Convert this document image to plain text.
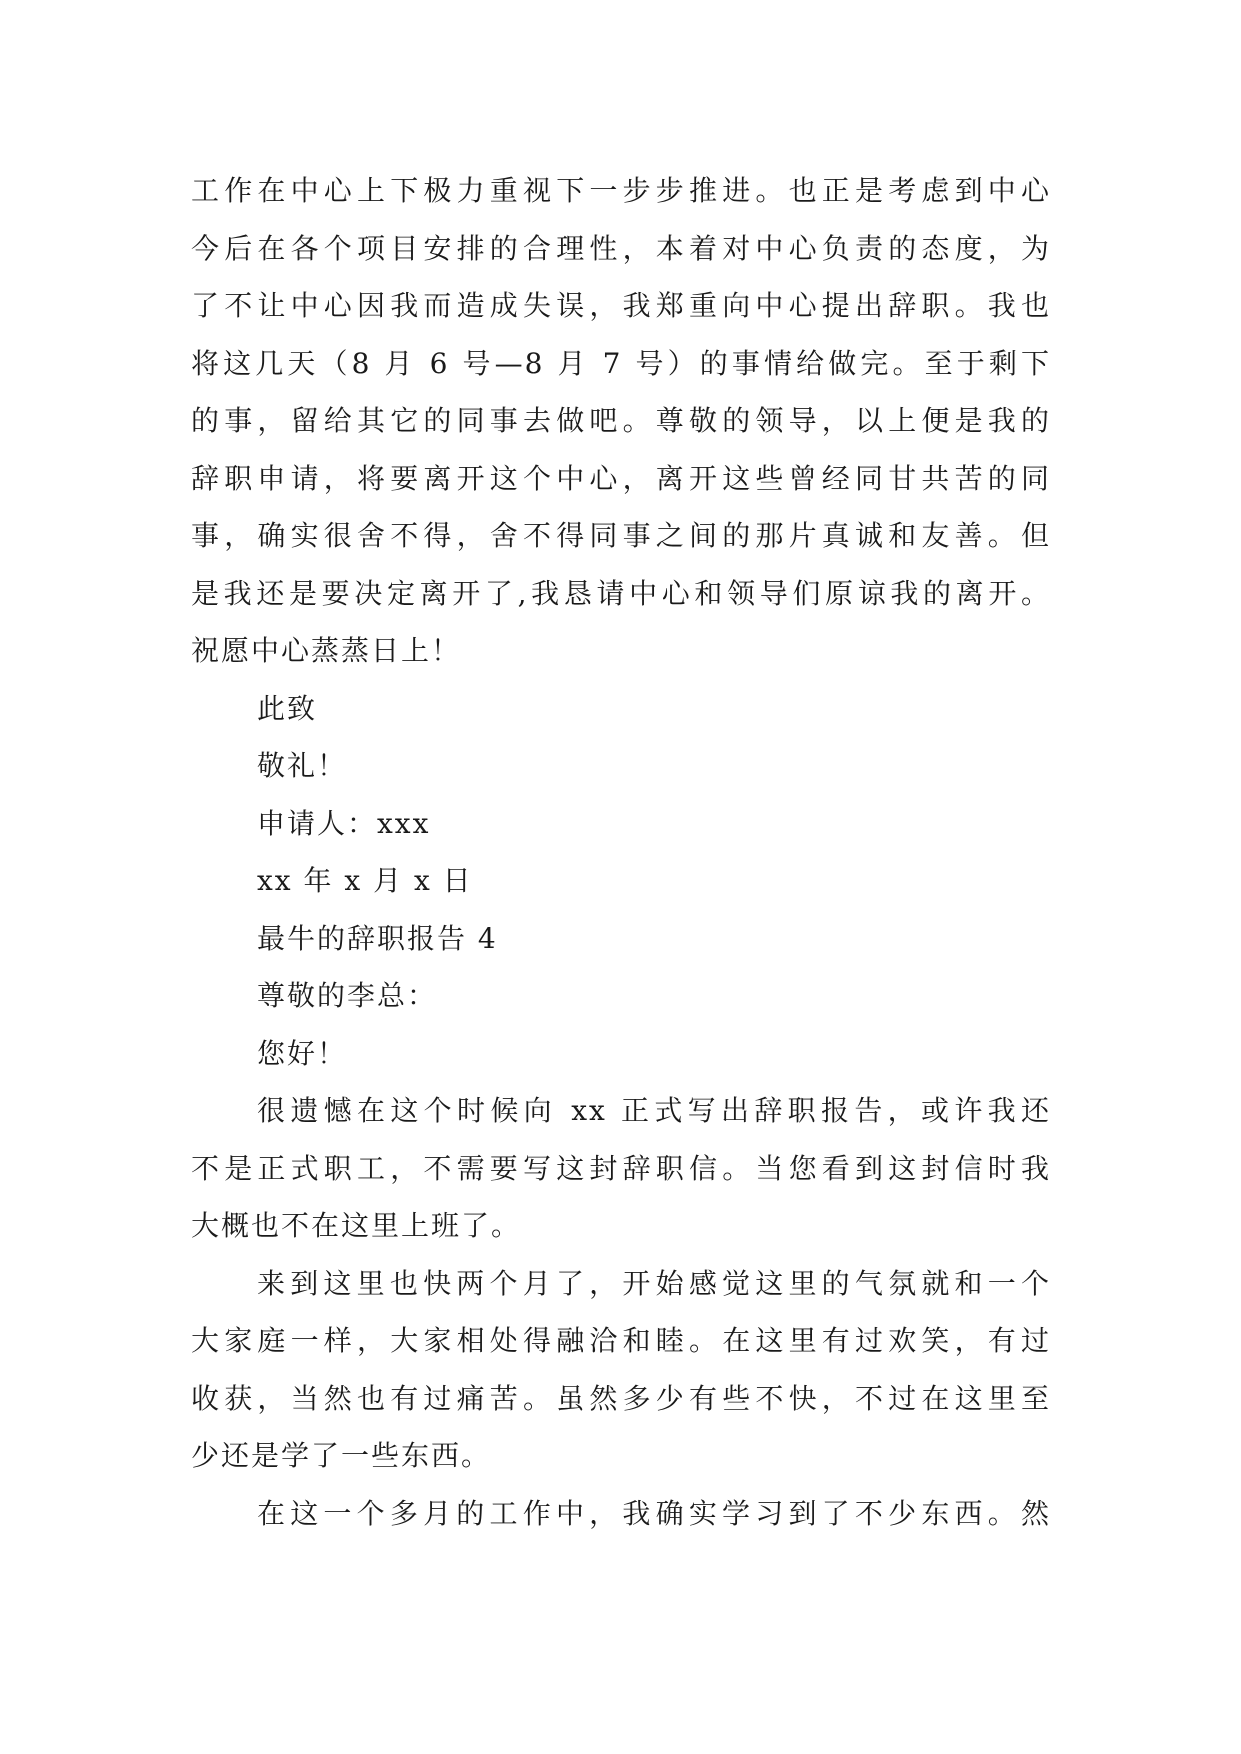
工作在中心上下极力重视下一步步推进。也正是考虑到中心
今后在各个项目安排的合理性，本着对中心负责的态度，为
了不让中心因我而造成失误，我郑重向中心提出辞职。我也
将这几天（8 月 6 号—8 月 7 号）的事情给做完。至于剩下
的事，留给其它的同事去做吧。尊敬的领导，以上便是我的
辞职申请，将要离开这个中心，离开这些曾经同甘共苦的同
事，确实很舍不得，舍不得同事之间的那片真诚和友善。但
是我还是要决定离开了,我恳请中心和领导们原谅我的离开。
祝愿中心蒸蒸日上！
此致
敬礼！
申请人：xxx
xx 年 x 月 x 日
最牛的辞职报告 4
尊敬的李总：
您好！
很遗憾在这个时候向 xx 正式写出辞职报告，或许我还
不是正式职工，不需要写这封辞职信。当您看到这封信时我
大概也不在这里上班了。
来到这里也快两个月了，开始感觉这里的气氛就和一个
大家庭一样，大家相处得融洽和睦。在这里有过欢笑，有过
收获，当然也有过痛苦。虽然多少有些不快，不过在这里至
少还是学了一些东西。
在这一个多月的工作中，我确实学习到了不少东西。然
